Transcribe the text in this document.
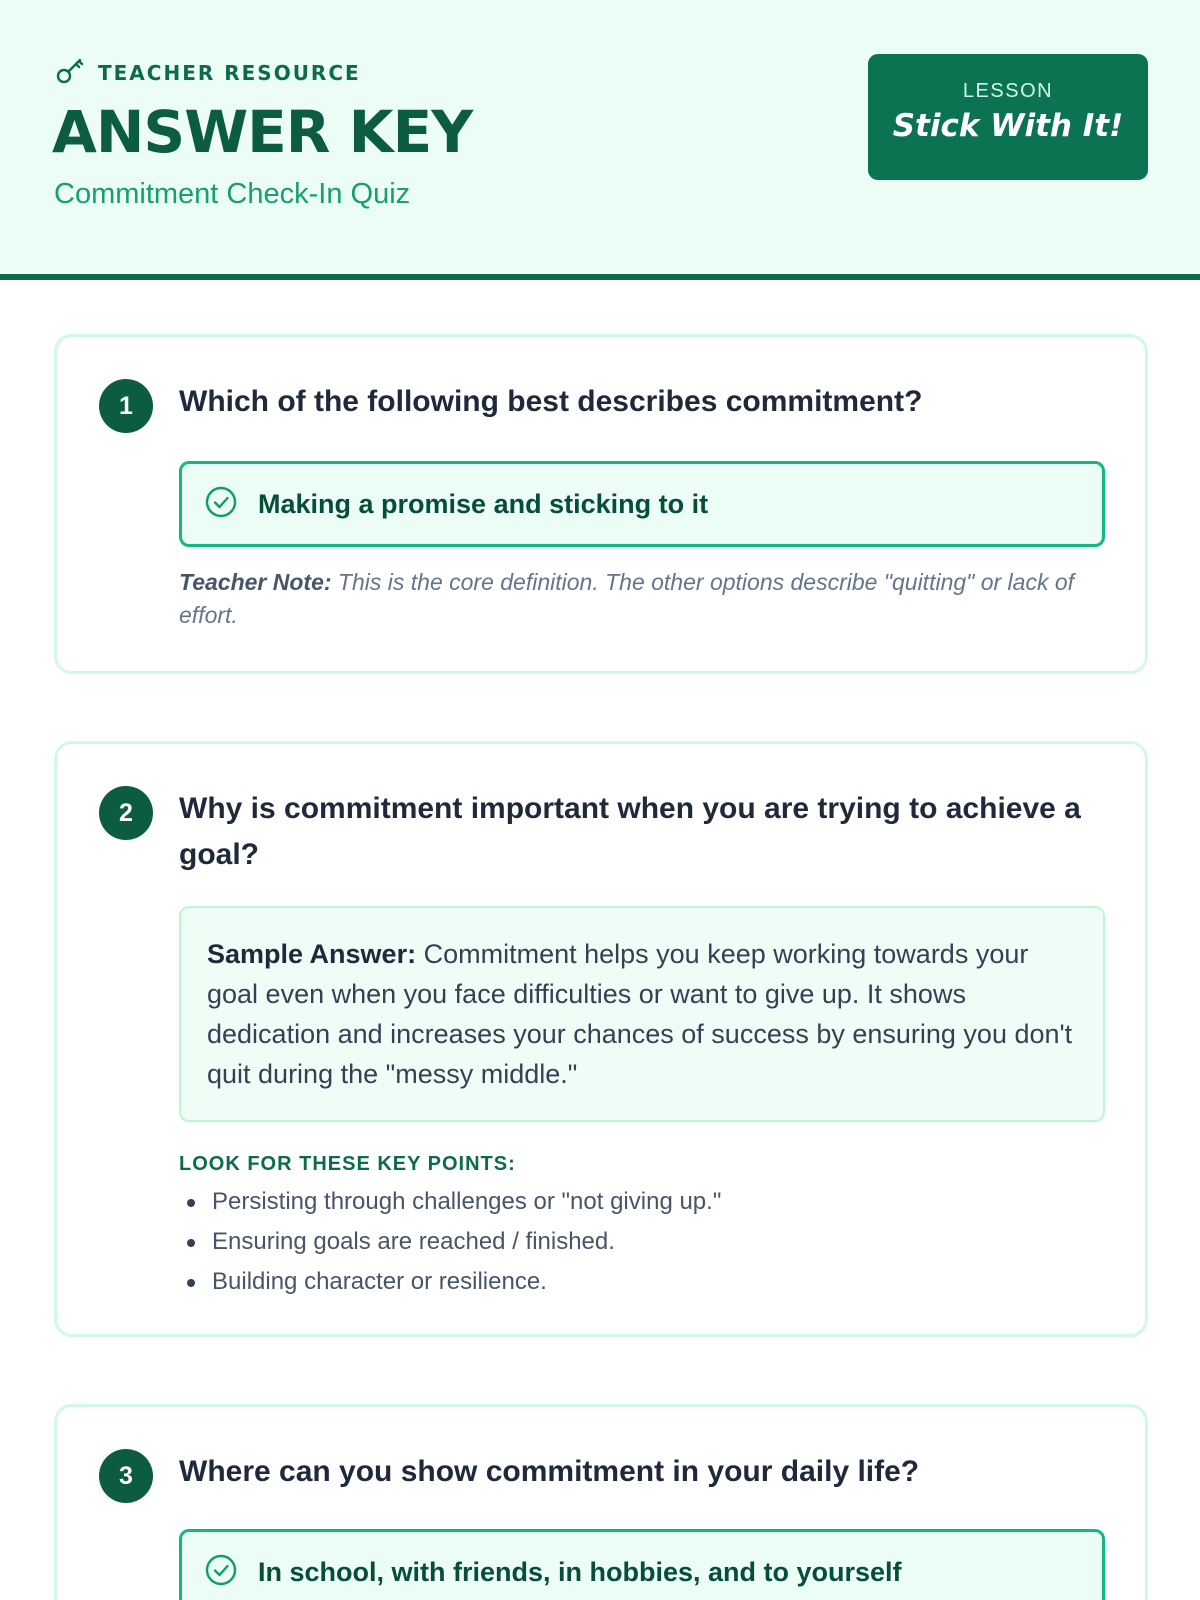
TEACHER RESOURCE
ANSWER KEY
Commitment Check-In Quiz
LESSON
Stick With It!
1	Which of the following best describes commitment?
Making a promise and sticking to it
Teacher Note: This is the core definition. The other options describe "quitting" or lack of effort.
2	Why is commitment important when you are trying to achieve a goal?
Sample Answer: Commitment helps you keep working towards your goal even when you face difficulties or want to give up. It shows dedication and increases your chances of success by ensuring you don't quit during the "messy middle."
LOOK FOR THESE KEY POINTS:
Persisting through challenges or "not giving up."
Ensuring goals are reached / finished.
Building character or resilience.
3	Where can you show commitment in your daily life?
In school, with friends, in hobbies, and to yourself
